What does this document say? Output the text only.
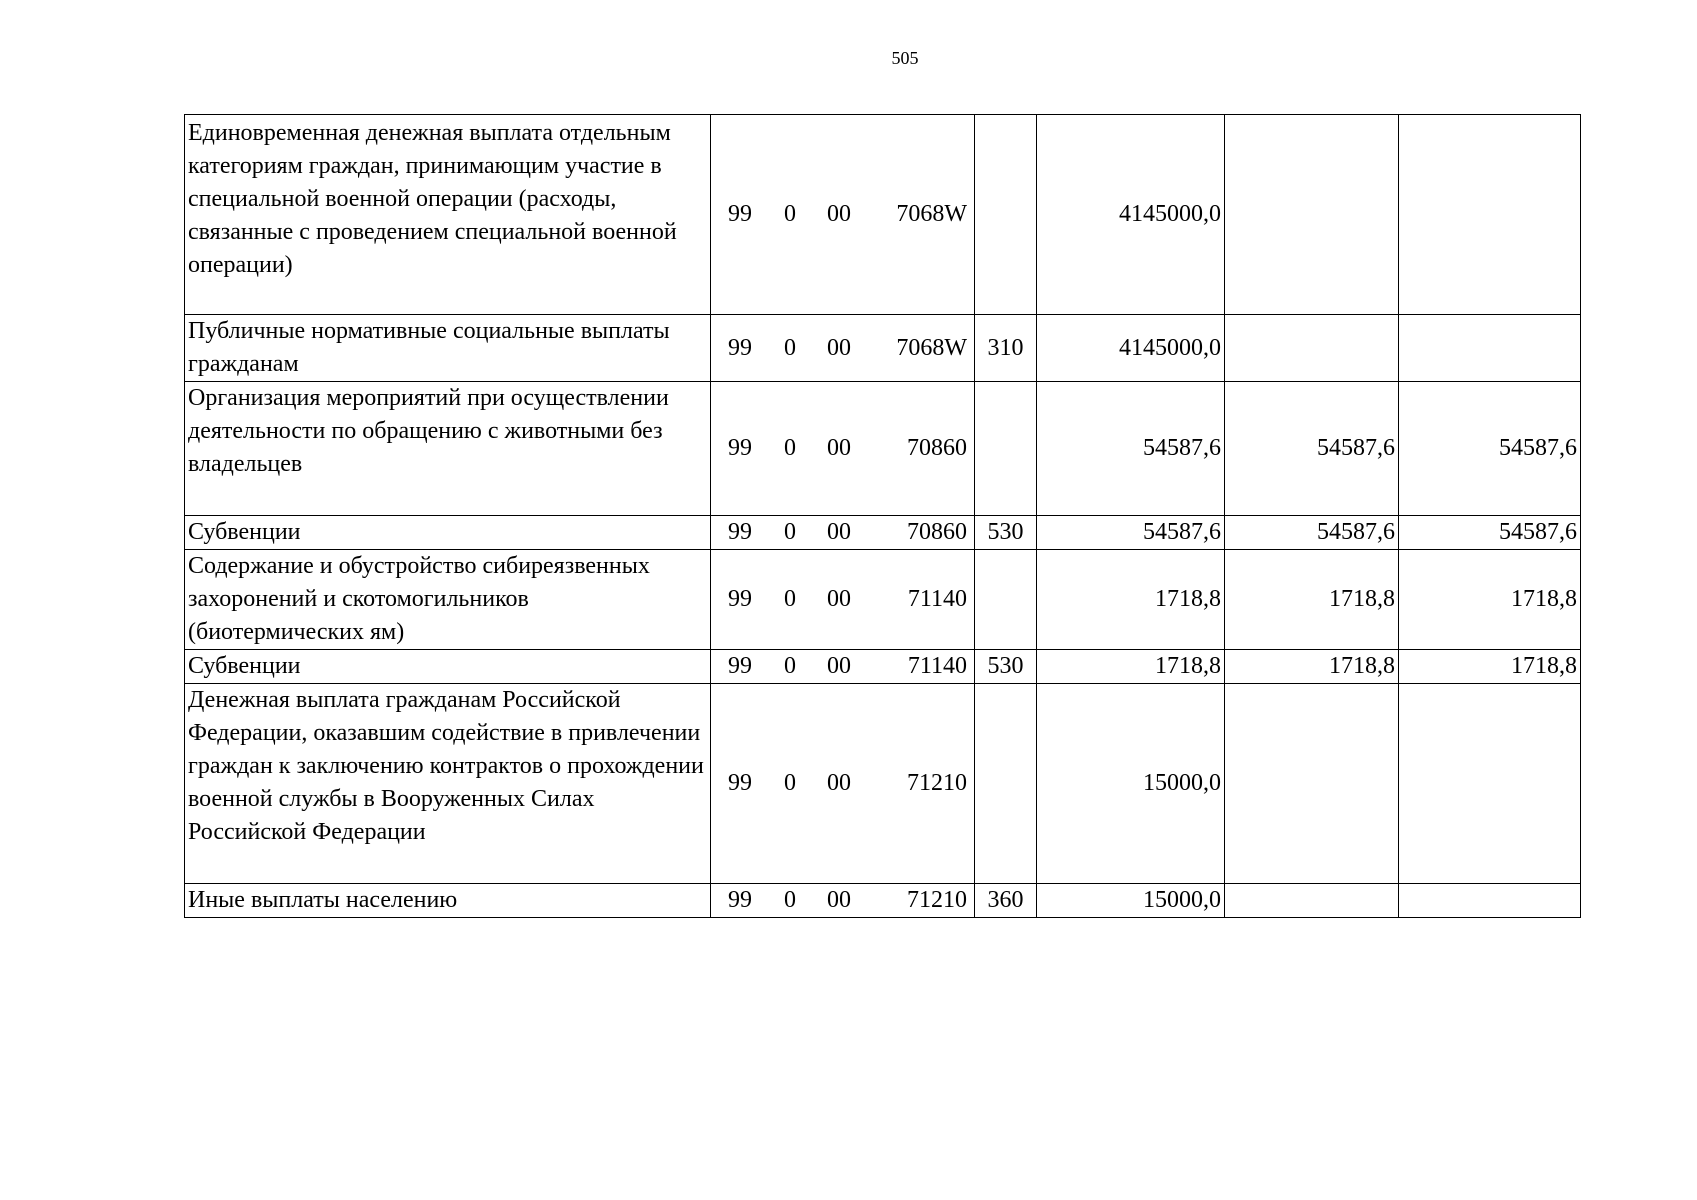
505
Единовременная денежная выплата отдельным категориям граждан, принимающим участие в специальной военной операции (расходы, связанные с проведением специальной военной операции)	99 0 00 7068W		4145000,0		
Публичные нормативные социальные выплаты гражданам	99 0 00 7068W	310	4145000,0		
Организация мероприятий при осуществлении деятельности по обращению с животными без владельцев	99 0 00 70860		54587,6	54587,6	54587,6
Субвенции	99 0 00 70860	530	54587,6	54587,6	54587,6
Содержание и обустройство сибиреязвенных захоронений и скотомогильников (биотермических ям)	99 0 00 71140		1718,8	1718,8	1718,8
Субвенции	99 0 00 71140	530	1718,8	1718,8	1718,8
Денежная выплата гражданам Российской Федерации, оказавшим содействие в привлечении граждан к заключению контрактов о прохождении военной службы в Вооруженных Силах Российской Федерации	99 0 00 71210		15000,0		
Иные выплаты населению	99 0 00 71210	360	15000,0		
